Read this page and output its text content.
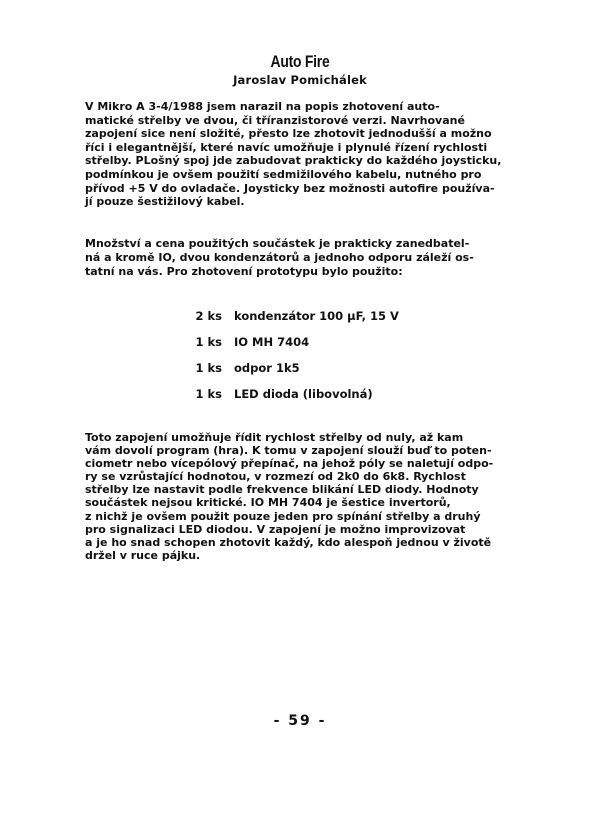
Auto Fire
Jaroslav Pomichálek
V Mikro A 3-4/1988 jsem narazil na popis zhotovení auto-
matické střelby ve dvou, či tříranzistorové verzi. Navrhované
zapojení sice není složité, přesto lze zhotovit jednodušší a možno
říci i elegantnější, které navíc umožňuje i plynulé řízení rychlosti
střelby. PLošný spoj jde zabudovat prakticky do každého joysticku,
podmínkou je ovšem použití sedmižilového kabelu, nutného pro
přívod +5 V do ovladače. Joysticky bez možnosti autofire používa-
jí pouze šestižilový kabel.
Množství a cena použitých součástek je prakticky zanedbatel-
ná a kromě IO, dvou kondenzátorů a jednoho odporu záleží os-
tatní na vás. Pro zhotovení prototypu bylo použito:
2 ks kondenzátor 100 µF, 15 V
1 ks IO MH 7404
1 ks odpor 1k5
1 ks LED dioda (libovolná)
Toto zapojení umožňuje řídit rychlost střelby od nuly, až kam
vám dovolí program (hra). K tomu v zapojení slouží buď to poten-
ciometr nebo vícepólový přepínač, na jehož póly se naletují odpo-
ry se vzrůstající hodnotou, v rozmezí od 2k0 do 6k8. Rychlost
střelby lze nastavit podle frekvence blikání LED diody. Hodnoty
součástek nejsou kritické. IO MH 7404 je šestice invertorů,
z nichž je ovšem použit pouze jeden pro spínání střelby a druhý
pro signalizaci LED diodou. V zapojení je možno improvizovat
a je ho snad schopen zhotovit každý, kdo alespoň jednou v životě
držel v ruce pájku.
- 59 -
